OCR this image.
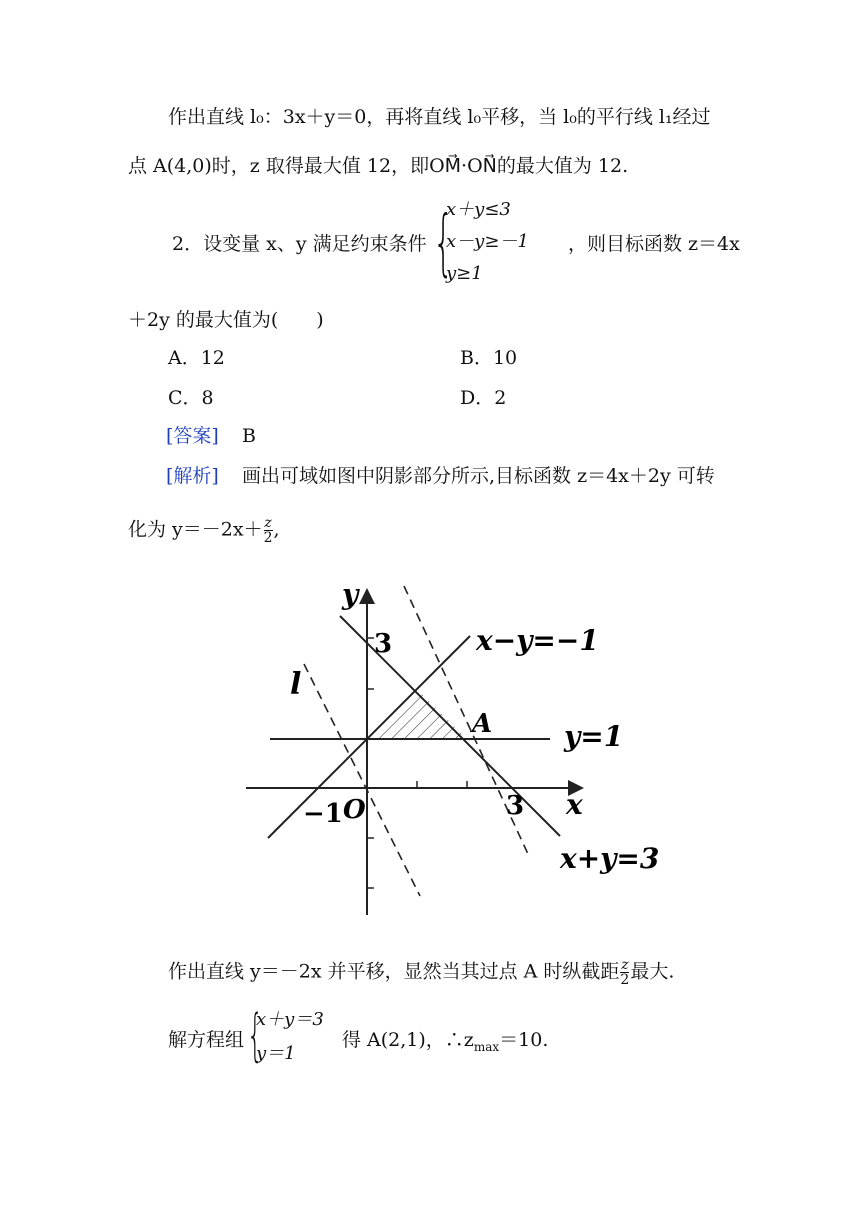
作出直线 l₀：3x＋y＝0，再将直线 l₀平移，当 l₀的平行线 l₁经过
点 A(4,0)时，z 取得最大值 12，即OM⃗·ON⃗的最大值为 12.
2．设变量 x、y 满足约束条件 {
x＋y≤3
x－y≥－1
y≥1
，则目标函数 z＝4x
＋2y 的最大值为(　　)
A．12	B．10
C．8	D．2
[答案] B
[解析] 画出可域如图中阴影部分所示,目标函数 z＝4x＋2y 可转
化为 $y=-2x+\frac{z}{2}$ ,
y
x
O
3
3
−1
A
l
x−y=−1
y=1
x+y=3
作出直线 y＝－2x 并平移，显然当其过点 A 时纵截距$\frac{z}{2}$ 最大.
解方程组 {
x＋y＝3
y＝1
得 A(2,1)，$\therefore z_{max}=10$.
